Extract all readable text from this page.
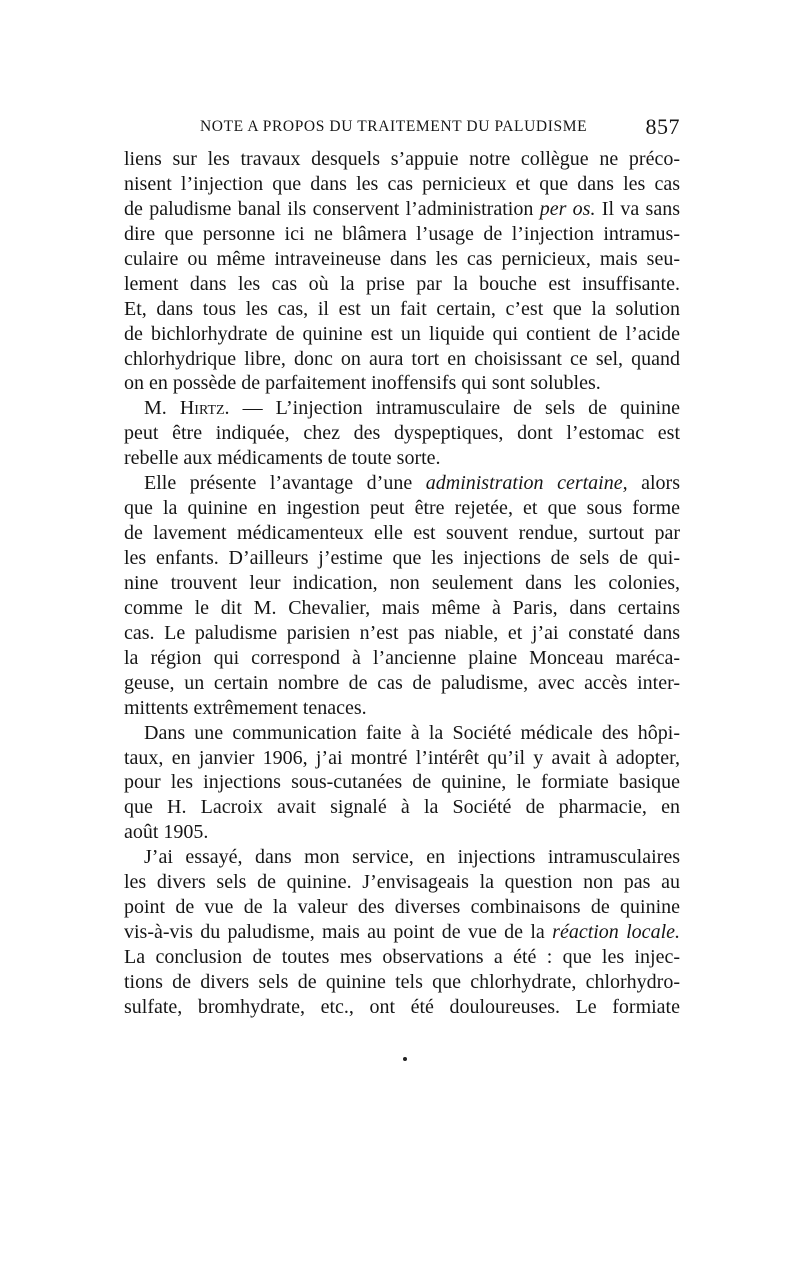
NOTE A PROPOS DU TRAITEMENT DU PALUDISME	857
liens sur les travaux desquels s’appuie notre collègue ne préco-
nisent l’injection que dans les cas pernicieux et que dans les cas
de paludisme banal ils conservent l’administration per os. Il va sans
dire que personne ici ne blâmera l’usage de l’injection intramus-
culaire ou même intraveineuse dans les cas pernicieux, mais seu-
lement dans les cas où la prise par la bouche est insuffisante.
Et, dans tous les cas, il est un fait certain, c’est que la solution
de bichlorhydrate de quinine est un liquide qui contient de l’acide
chlorhydrique libre, donc on aura tort en choisissant ce sel, quand
on en possède de parfaitement inoffensifs qui sont solubles.
M. Hirtz. — L’injection intramusculaire de sels de quinine
peut être indiquée, chez des dyspeptiques, dont l’estomac est
rebelle aux médicaments de toute sorte.
Elle présente l’avantage d’une administration certaine, alors
que la quinine en ingestion peut être rejetée, et que sous forme
de lavement médicamenteux elle est souvent rendue, surtout par
les enfants. D’ailleurs j’estime que les injections de sels de qui-
nine trouvent leur indication, non seulement dans les colonies,
comme le dit M. Chevalier, mais même à Paris, dans certains
cas. Le paludisme parisien n’est pas niable, et j’ai constaté dans
la région qui correspond à l’ancienne plaine Monceau maréca-
geuse, un certain nombre de cas de paludisme, avec accès inter-
mittents extrêmement tenaces.
Dans une communication faite à la Société médicale des hôpi-
taux, en janvier 1906, j’ai montré l’intérêt qu’il y avait à adopter,
pour les injections sous-cutanées de quinine, le formiate basique
que H. Lacroix avait signalé à la Société de pharmacie, en
août 1905.
J’ai essayé, dans mon service, en injections intramusculaires
les divers sels de quinine. J’envisageais la question non pas au
point de vue de la valeur des diverses combinaisons de quinine
vis-à-vis du paludisme, mais au point de vue de la réaction locale.
La conclusion de toutes mes observations a été : que les injec-
tions de divers sels de quinine tels que chlorhydrate, chlorhydro-
sulfate, bromhydrate, etc., ont été douloureuses. Le formiate
